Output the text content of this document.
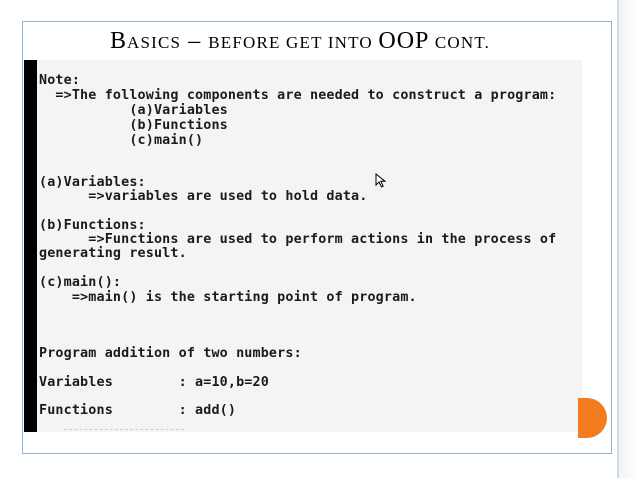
BASICS – BEFORE GET INTO OOP CONT.
Note:
=>The following components are needed to construct a program:
(a)Variables
(b)Functions
(c)main()
(a)Variables:
=>variables are used to hold data.
(b)Functions:
=>Functions are used to perform actions in the process of
generating result.
(c)main():
=>main() is the starting point of program.
Program addition of two numbers:
Variables        : a=10,b=20
Functions        : add()
